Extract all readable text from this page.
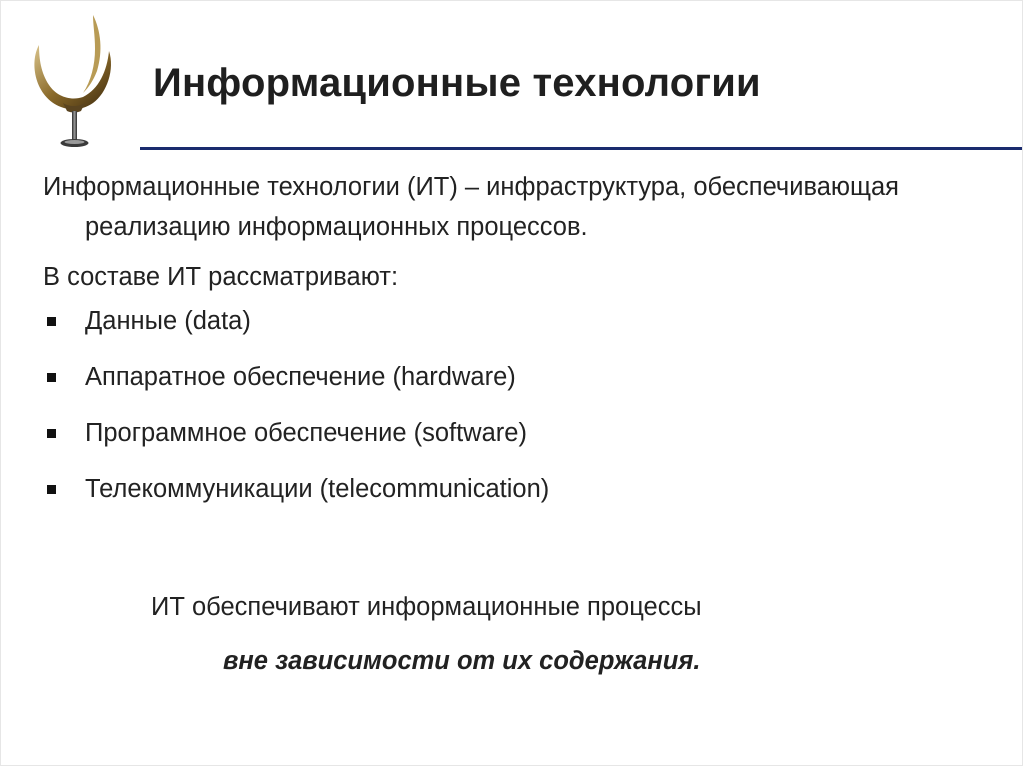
Информационные технологии

Информационные технологии (ИТ) – инфраструктура, обеспечивающая реализацию информационных процессов.

В составе ИТ рассматривают:

Данные (data)
Аппаратное обеспечение (hardware)
Программное обеспечение (software)
Телекоммуникации (telecommunication)
ИТ обеспечивают информационные процессы
вне зависимости от их содержания.
